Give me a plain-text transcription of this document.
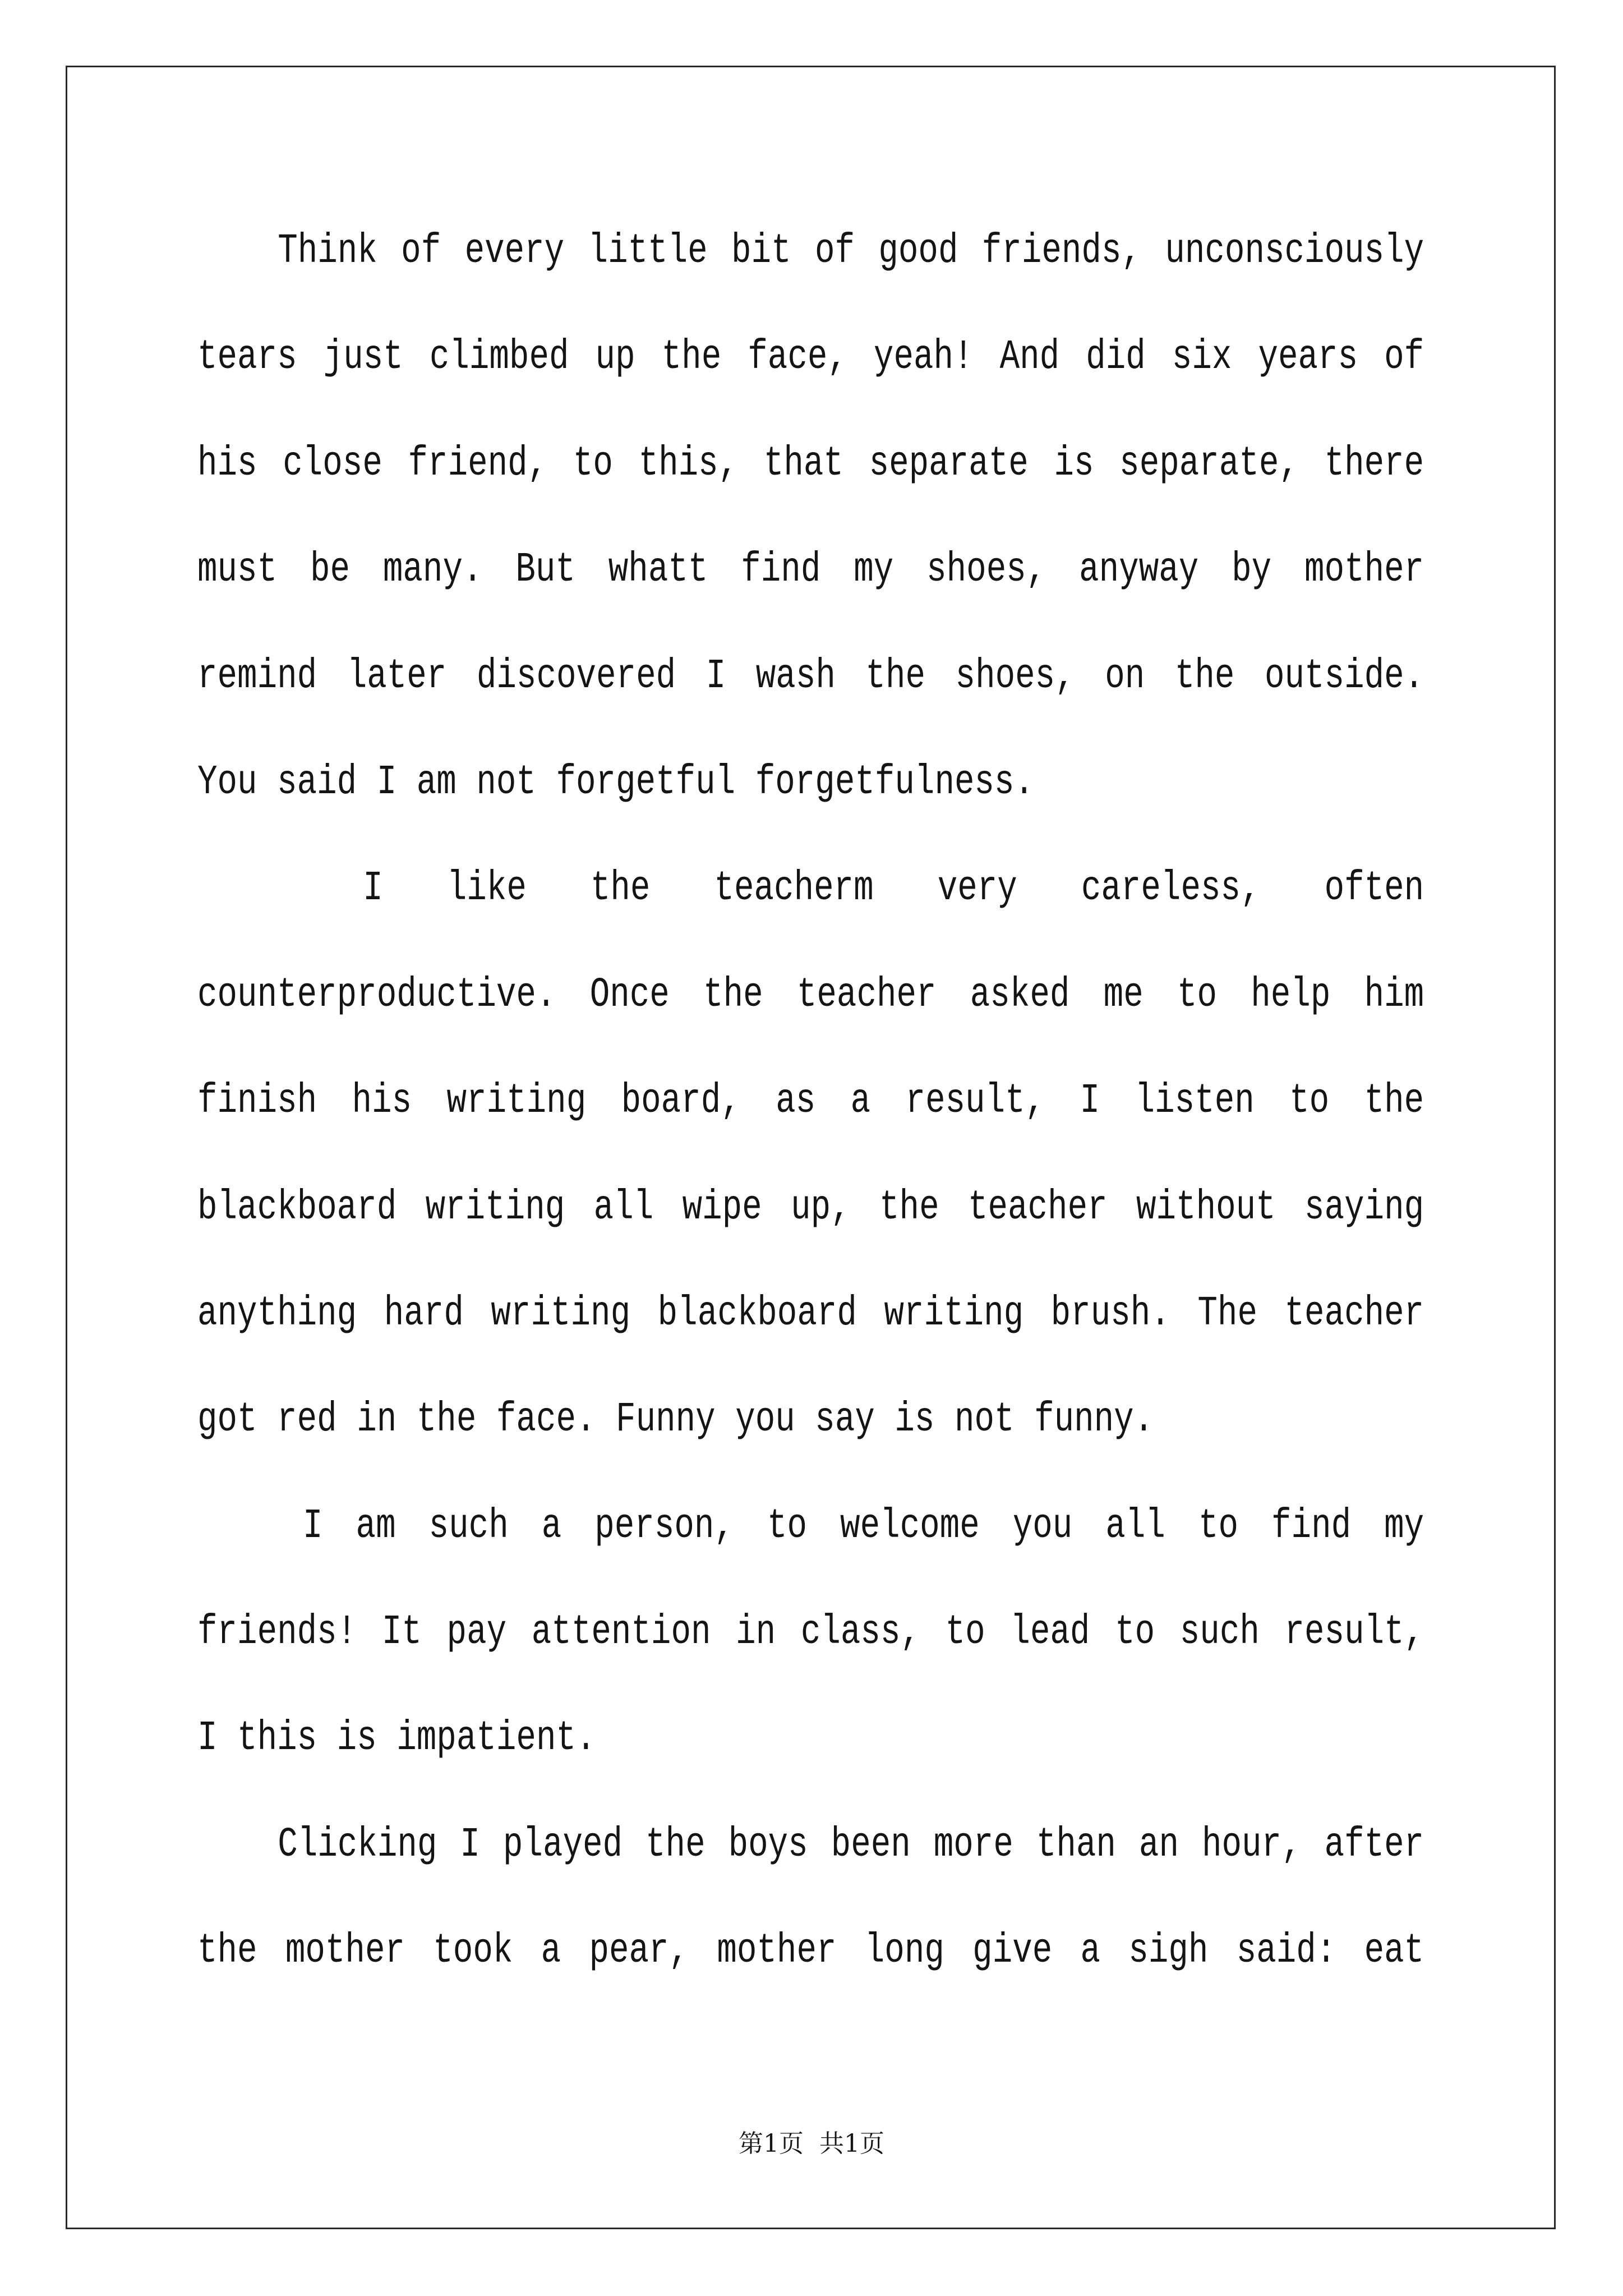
Think of every little bit of good friends, unconsciously
tears just climbed up the face, yeah! And did six years of
his close friend, to this, that separate is separate, there
must be many. But whatt find my shoes, anyway by mother
remind later discovered I wash the shoes, on the outside.
You said I am not forgetful forgetfulness.
I like the teacherm very careless, often
counterproductive. Once the teacher asked me to help him
finish his writing board, as a result, I listen to the
blackboard writing all wipe up, the teacher without saying
anything hard writing blackboard writing brush. The teacher
got red in the face. Funny you say is not funny.
I am such a person, to welcome you all to find my
friends! It pay attention in class, to lead to such result,
I this is impatient.
Clicking I played the boys been more than an hour, after
the mother took a pear, mother long give a sigh said: eat
第1页  共1页
